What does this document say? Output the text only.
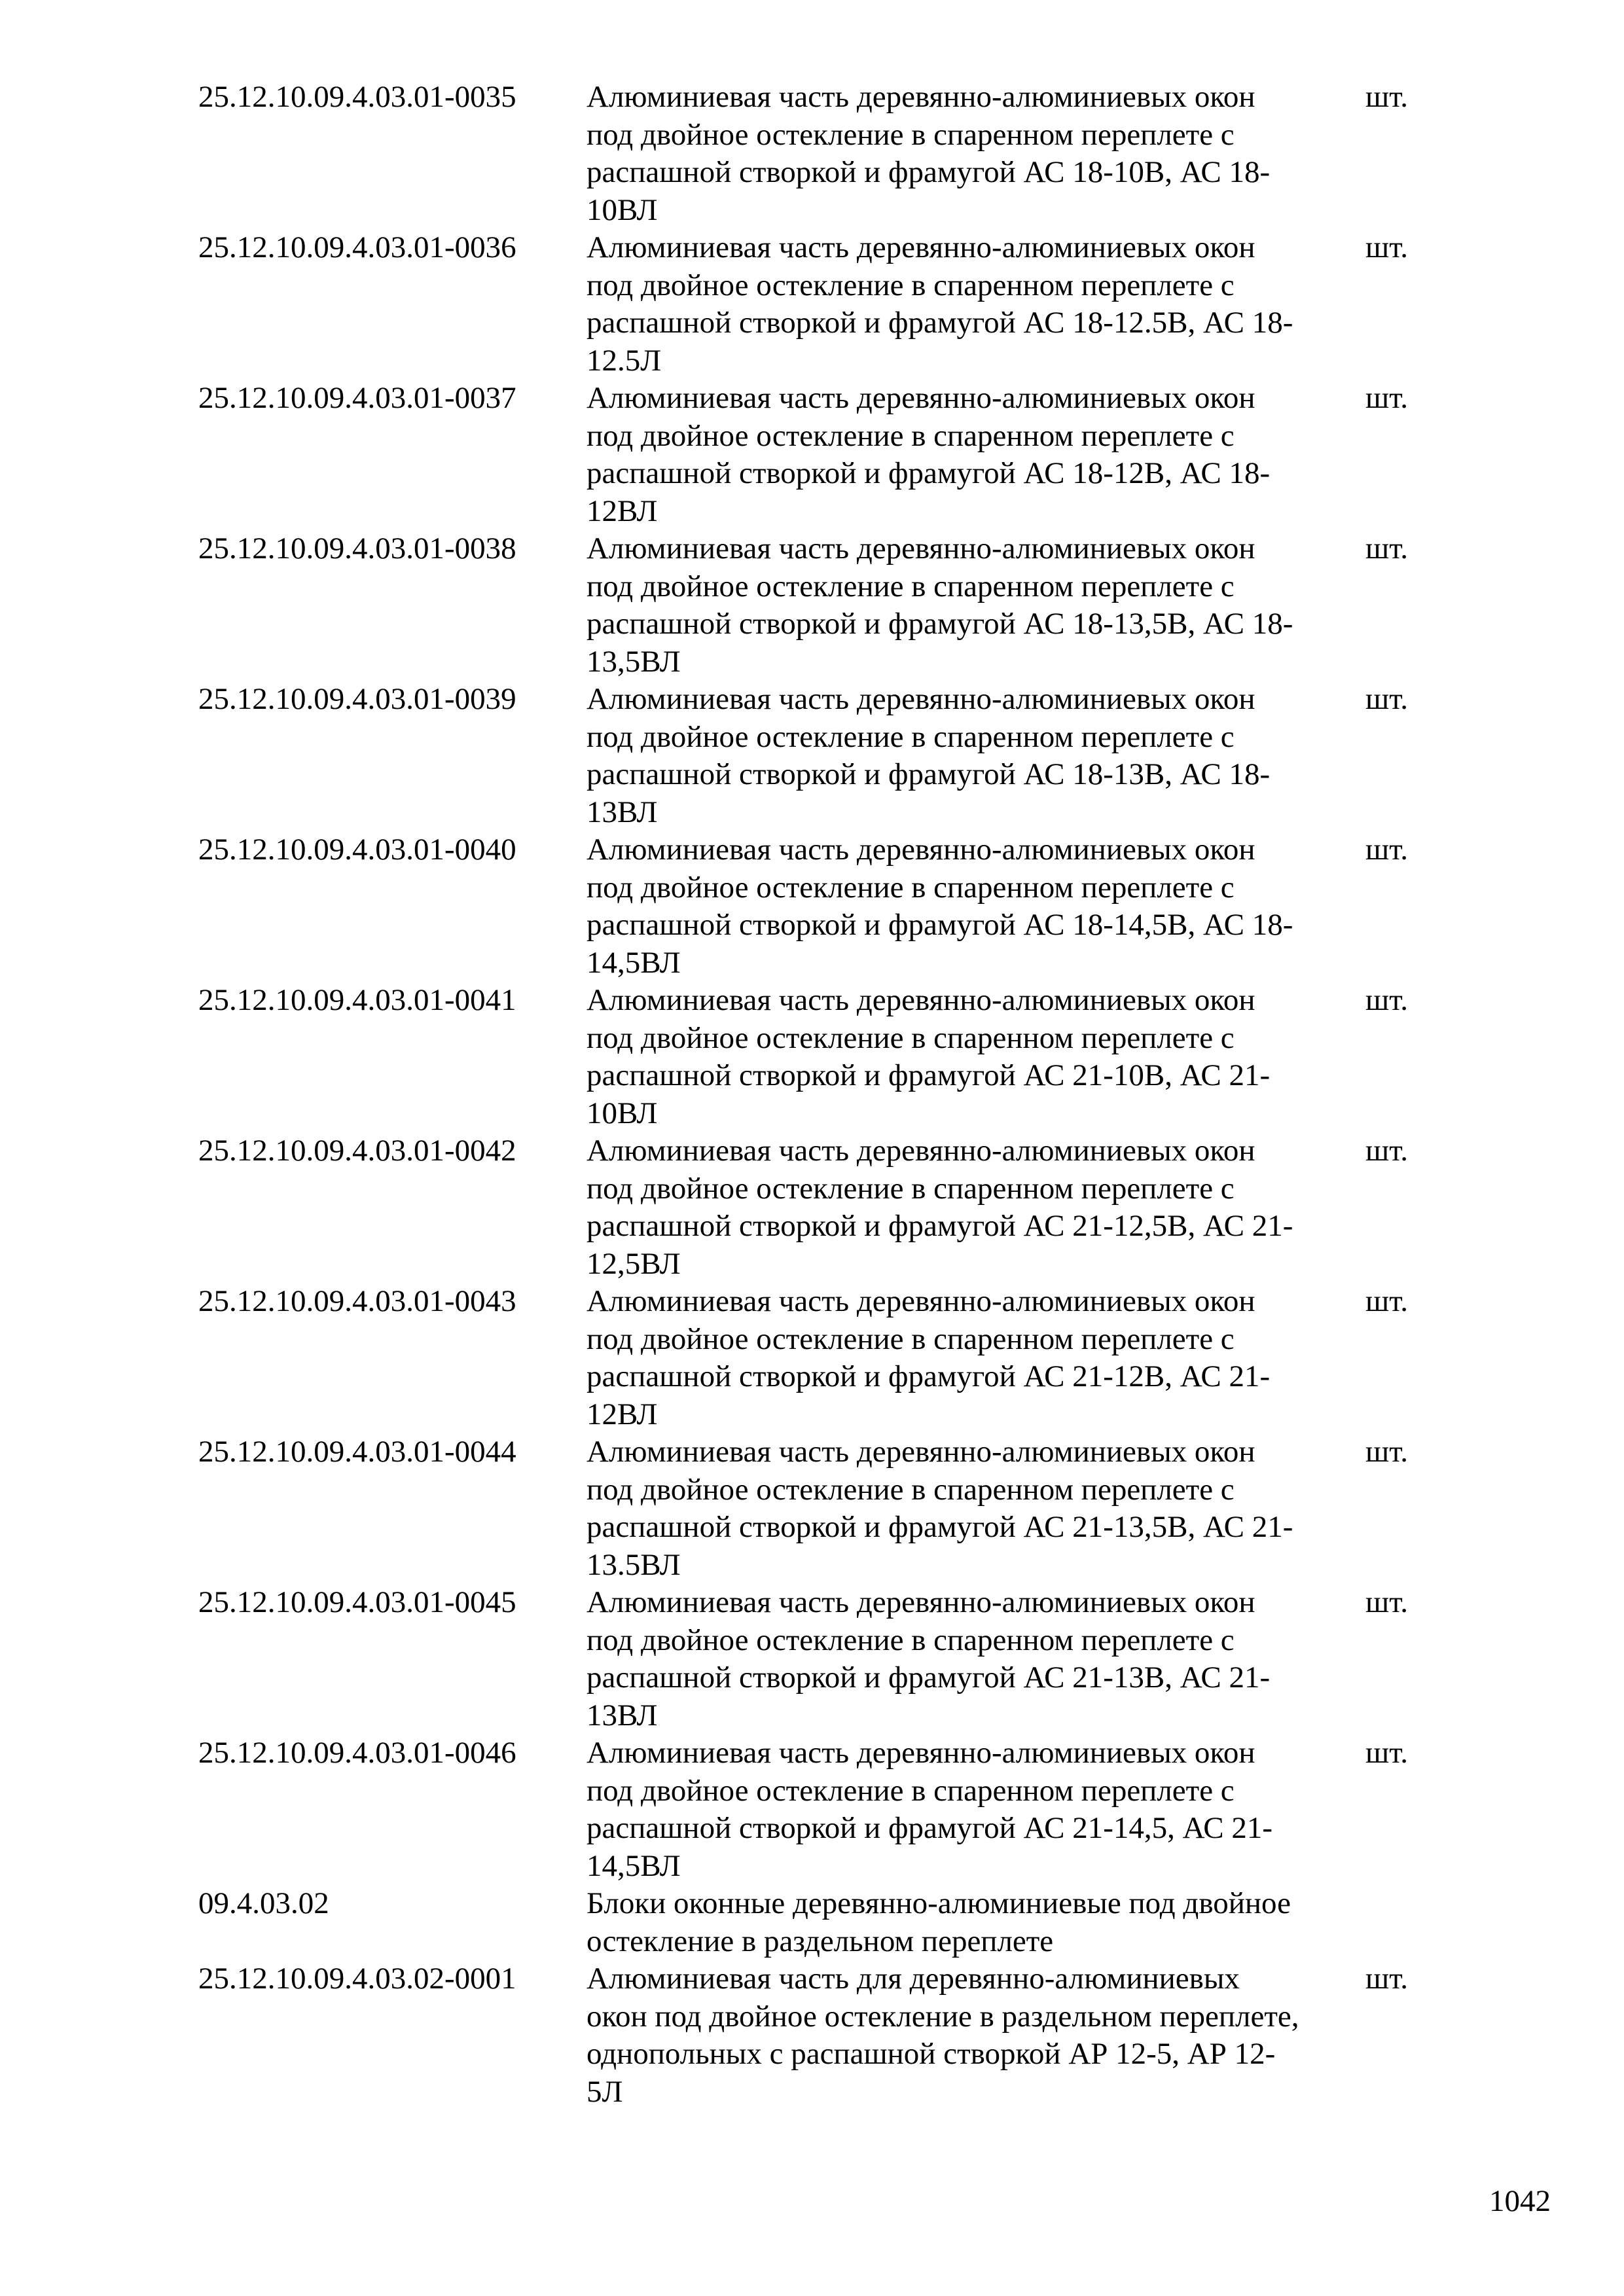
25.12.10.09.4.03.01-0035	Алюминиевая часть деревянно-алюминиевых окон
под двойное остекление в спаренном переплете с
распашной створкой и фрамугой АС 18-10В, АС 18-
10ВЛ
шт.
25.12.10.09.4.03.01-0036	Алюминиевая часть деревянно-алюминиевых окон
под двойное остекление в спаренном переплете с
распашной створкой и фрамугой АС 18-12.5В, АС 18-
12.5Л
шт.
25.12.10.09.4.03.01-0037	Алюминиевая часть деревянно-алюминиевых окон
под двойное остекление в спаренном переплете с
распашной створкой и фрамугой АС 18-12В, АС 18-
12ВЛ
шт.
25.12.10.09.4.03.01-0038	Алюминиевая часть деревянно-алюминиевых окон
под двойное остекление в спаренном переплете с
распашной створкой и фрамугой АС 18-13,5В, АС 18-
13,5ВЛ
шт.
25.12.10.09.4.03.01-0039	Алюминиевая часть деревянно-алюминиевых окон
под двойное остекление в спаренном переплете с
распашной створкой и фрамугой АС 18-13В, АС 18-
13ВЛ
шт.
25.12.10.09.4.03.01-0040	Алюминиевая часть деревянно-алюминиевых окон
под двойное остекление в спаренном переплете с
распашной створкой и фрамугой АС 18-14,5В, АС 18-
14,5ВЛ
шт.
25.12.10.09.4.03.01-0041	Алюминиевая часть деревянно-алюминиевых окон
под двойное остекление в спаренном переплете с
распашной створкой и фрамугой АС 21-10В, АС 21-
10ВЛ
шт.
25.12.10.09.4.03.01-0042	Алюминиевая часть деревянно-алюминиевых окон
под двойное остекление в спаренном переплете с
распашной створкой и фрамугой АС 21-12,5В, АС 21-
12,5ВЛ
шт.
25.12.10.09.4.03.01-0043	Алюминиевая часть деревянно-алюминиевых окон
под двойное остекление в спаренном переплете с
распашной створкой и фрамугой АС 21-12В, АС 21-
12ВЛ
шт.
25.12.10.09.4.03.01-0044	Алюминиевая часть деревянно-алюминиевых окон
под двойное остекление в спаренном переплете с
распашной створкой и фрамугой АС 21-13,5В, АС 21-
13.5ВЛ
шт.
25.12.10.09.4.03.01-0045	Алюминиевая часть деревянно-алюминиевых окон
под двойное остекление в спаренном переплете с
распашной створкой и фрамугой АС 21-13В, АС 21-
13ВЛ
шт.
25.12.10.09.4.03.01-0046	Алюминиевая часть деревянно-алюминиевых окон
под двойное остекление в спаренном переплете с
распашной створкой и фрамугой АС 21-14,5, АС 21-
14,5ВЛ
шт.
09.4.03.02	Блоки оконные деревянно-алюминиевые под двойное
остекление в раздельном переплете
25.12.10.09.4.03.02-0001	Алюминиевая часть для деревянно-алюминиевых
окон под двойное остекление в раздельном переплете,
однопольных с распашной створкой АР 12-5, АР 12-
5Л
шт.
1042
